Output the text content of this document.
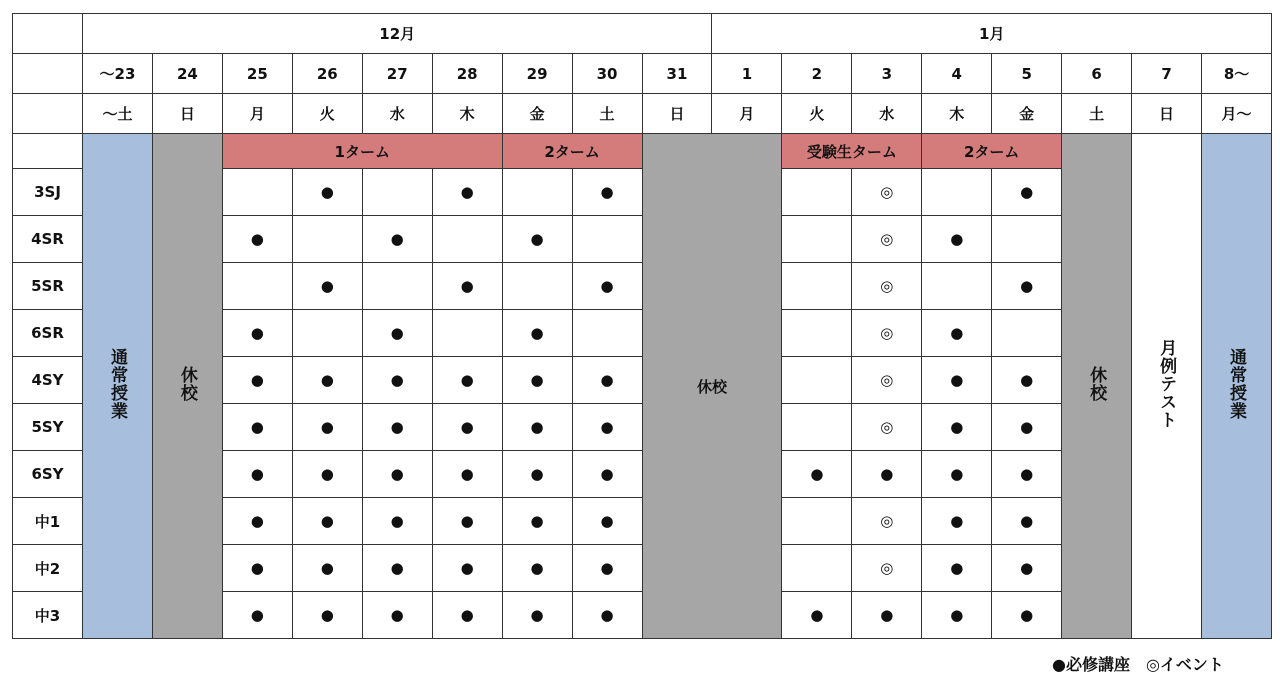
	12月									1月							
	～23	24	25	26	27	28	29	30	31	1	2	3	4	5	6	7	8～
	～土	日	月	火	水	木	金	土	日	月	火	水	木	金	土	日	月～
	通常授業	休校	1ターム				2ターム		休校		受験生ターム		2ターム		休校	月例テスト	通常授業
3SJ				●		●		●				◎		●			
4SR			●		●		●					◎	●				
5SR				●		●		●				◎		●			
6SR			●		●		●					◎	●				
4SY			●	●	●	●	●	●				◎	●	●			
5SY			●	●	●	●	●	●				◎	●	●			
6SY			●	●	●	●	●	●			●	●	●	●			
中1			●	●	●	●	●	●				◎	●	●			
中2			●	●	●	●	●	●				◎	●	●			
中3			●	●	●	●	●	●			●	●	●	●			
●必修講座　◎イベント
